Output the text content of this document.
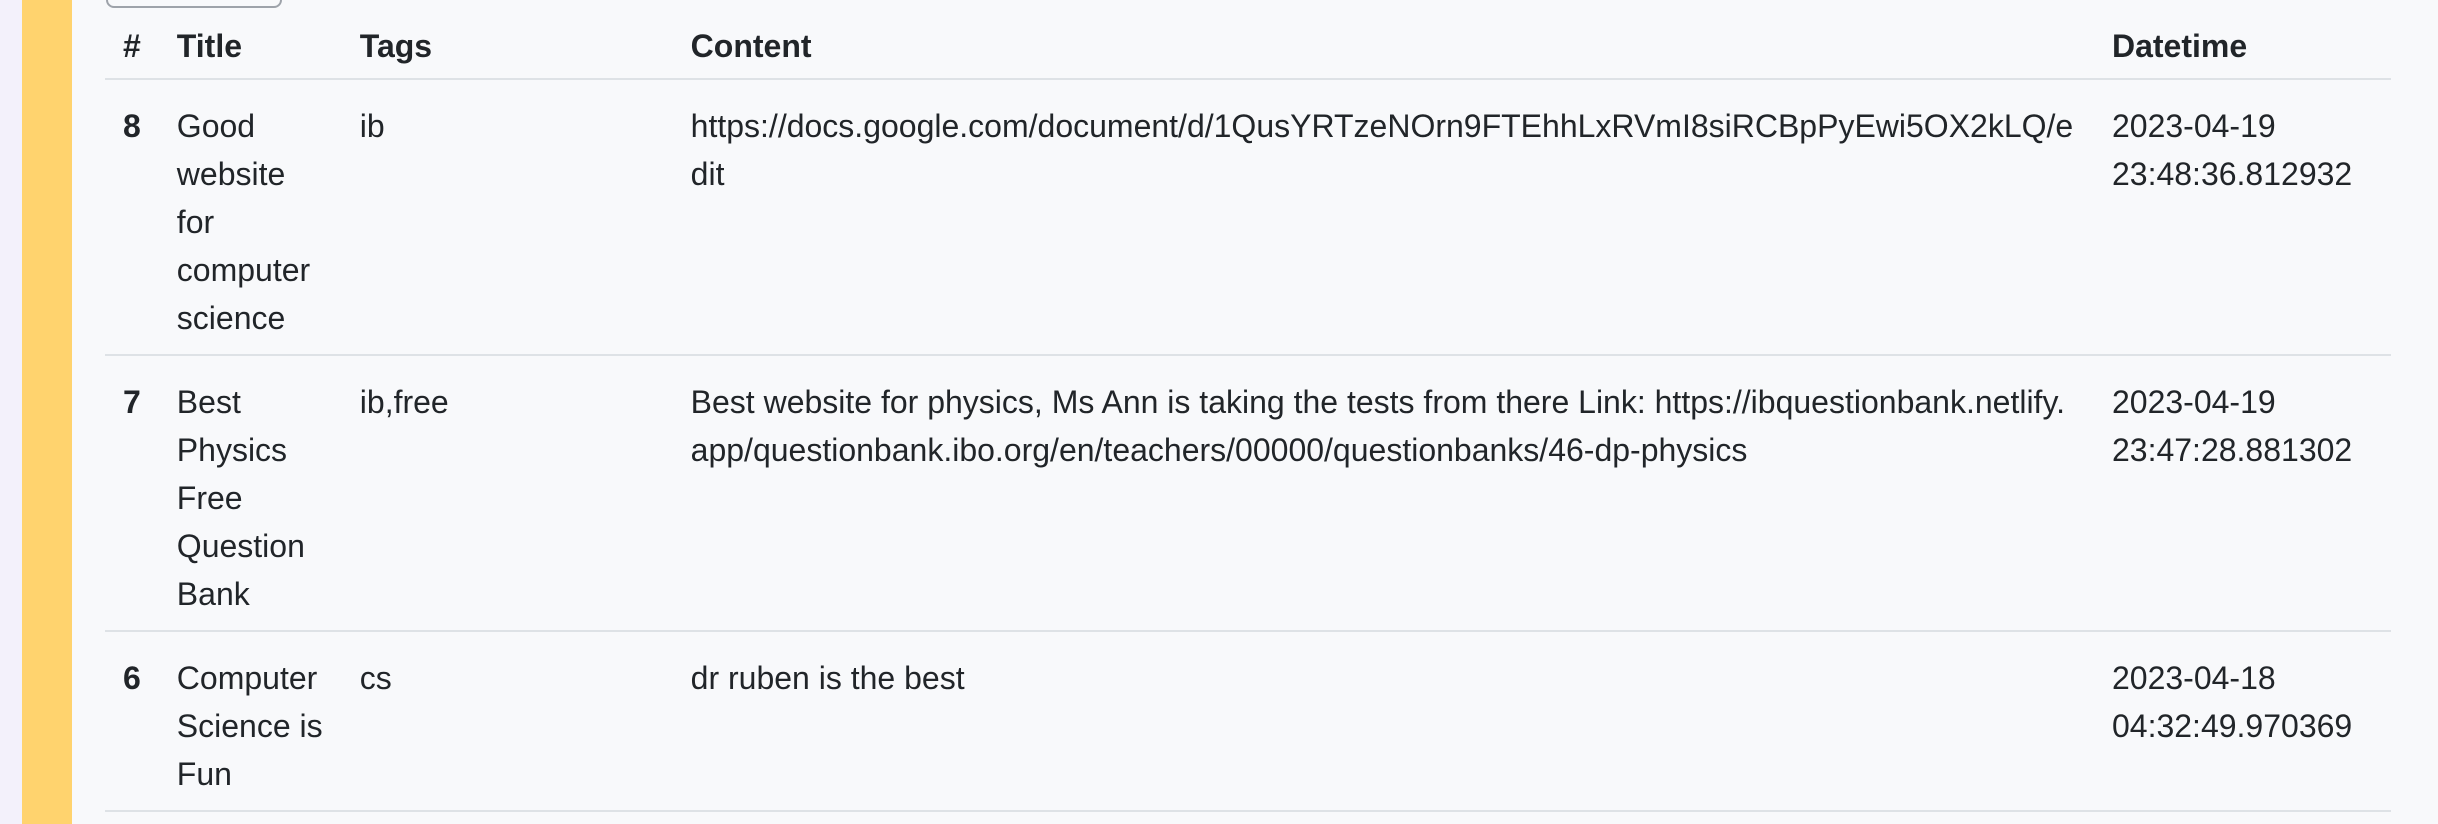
#	Title	Tags	Content	Datetime
8	Good website for computer science	ib	https://docs.google.com/document/d/1QusYRTzeNOrn9FTEhhLxRVmI8siRCBpPyEwi5OX2kLQ/edit	2023-04-19 23:48:36.812932
7	Best Physics Free Question Bank	ib,free	Best website for physics, Ms Ann is taking the tests from there Link: https://ibquestionbank.netlify.app/questionbank.ibo.org/en/teachers/00000/questionbanks/46-dp-physics	2023-04-19 23:47:28.881302
6	Computer Science is Fun	cs	dr ruben is the best	2023-04-18 04:32:49.970369
